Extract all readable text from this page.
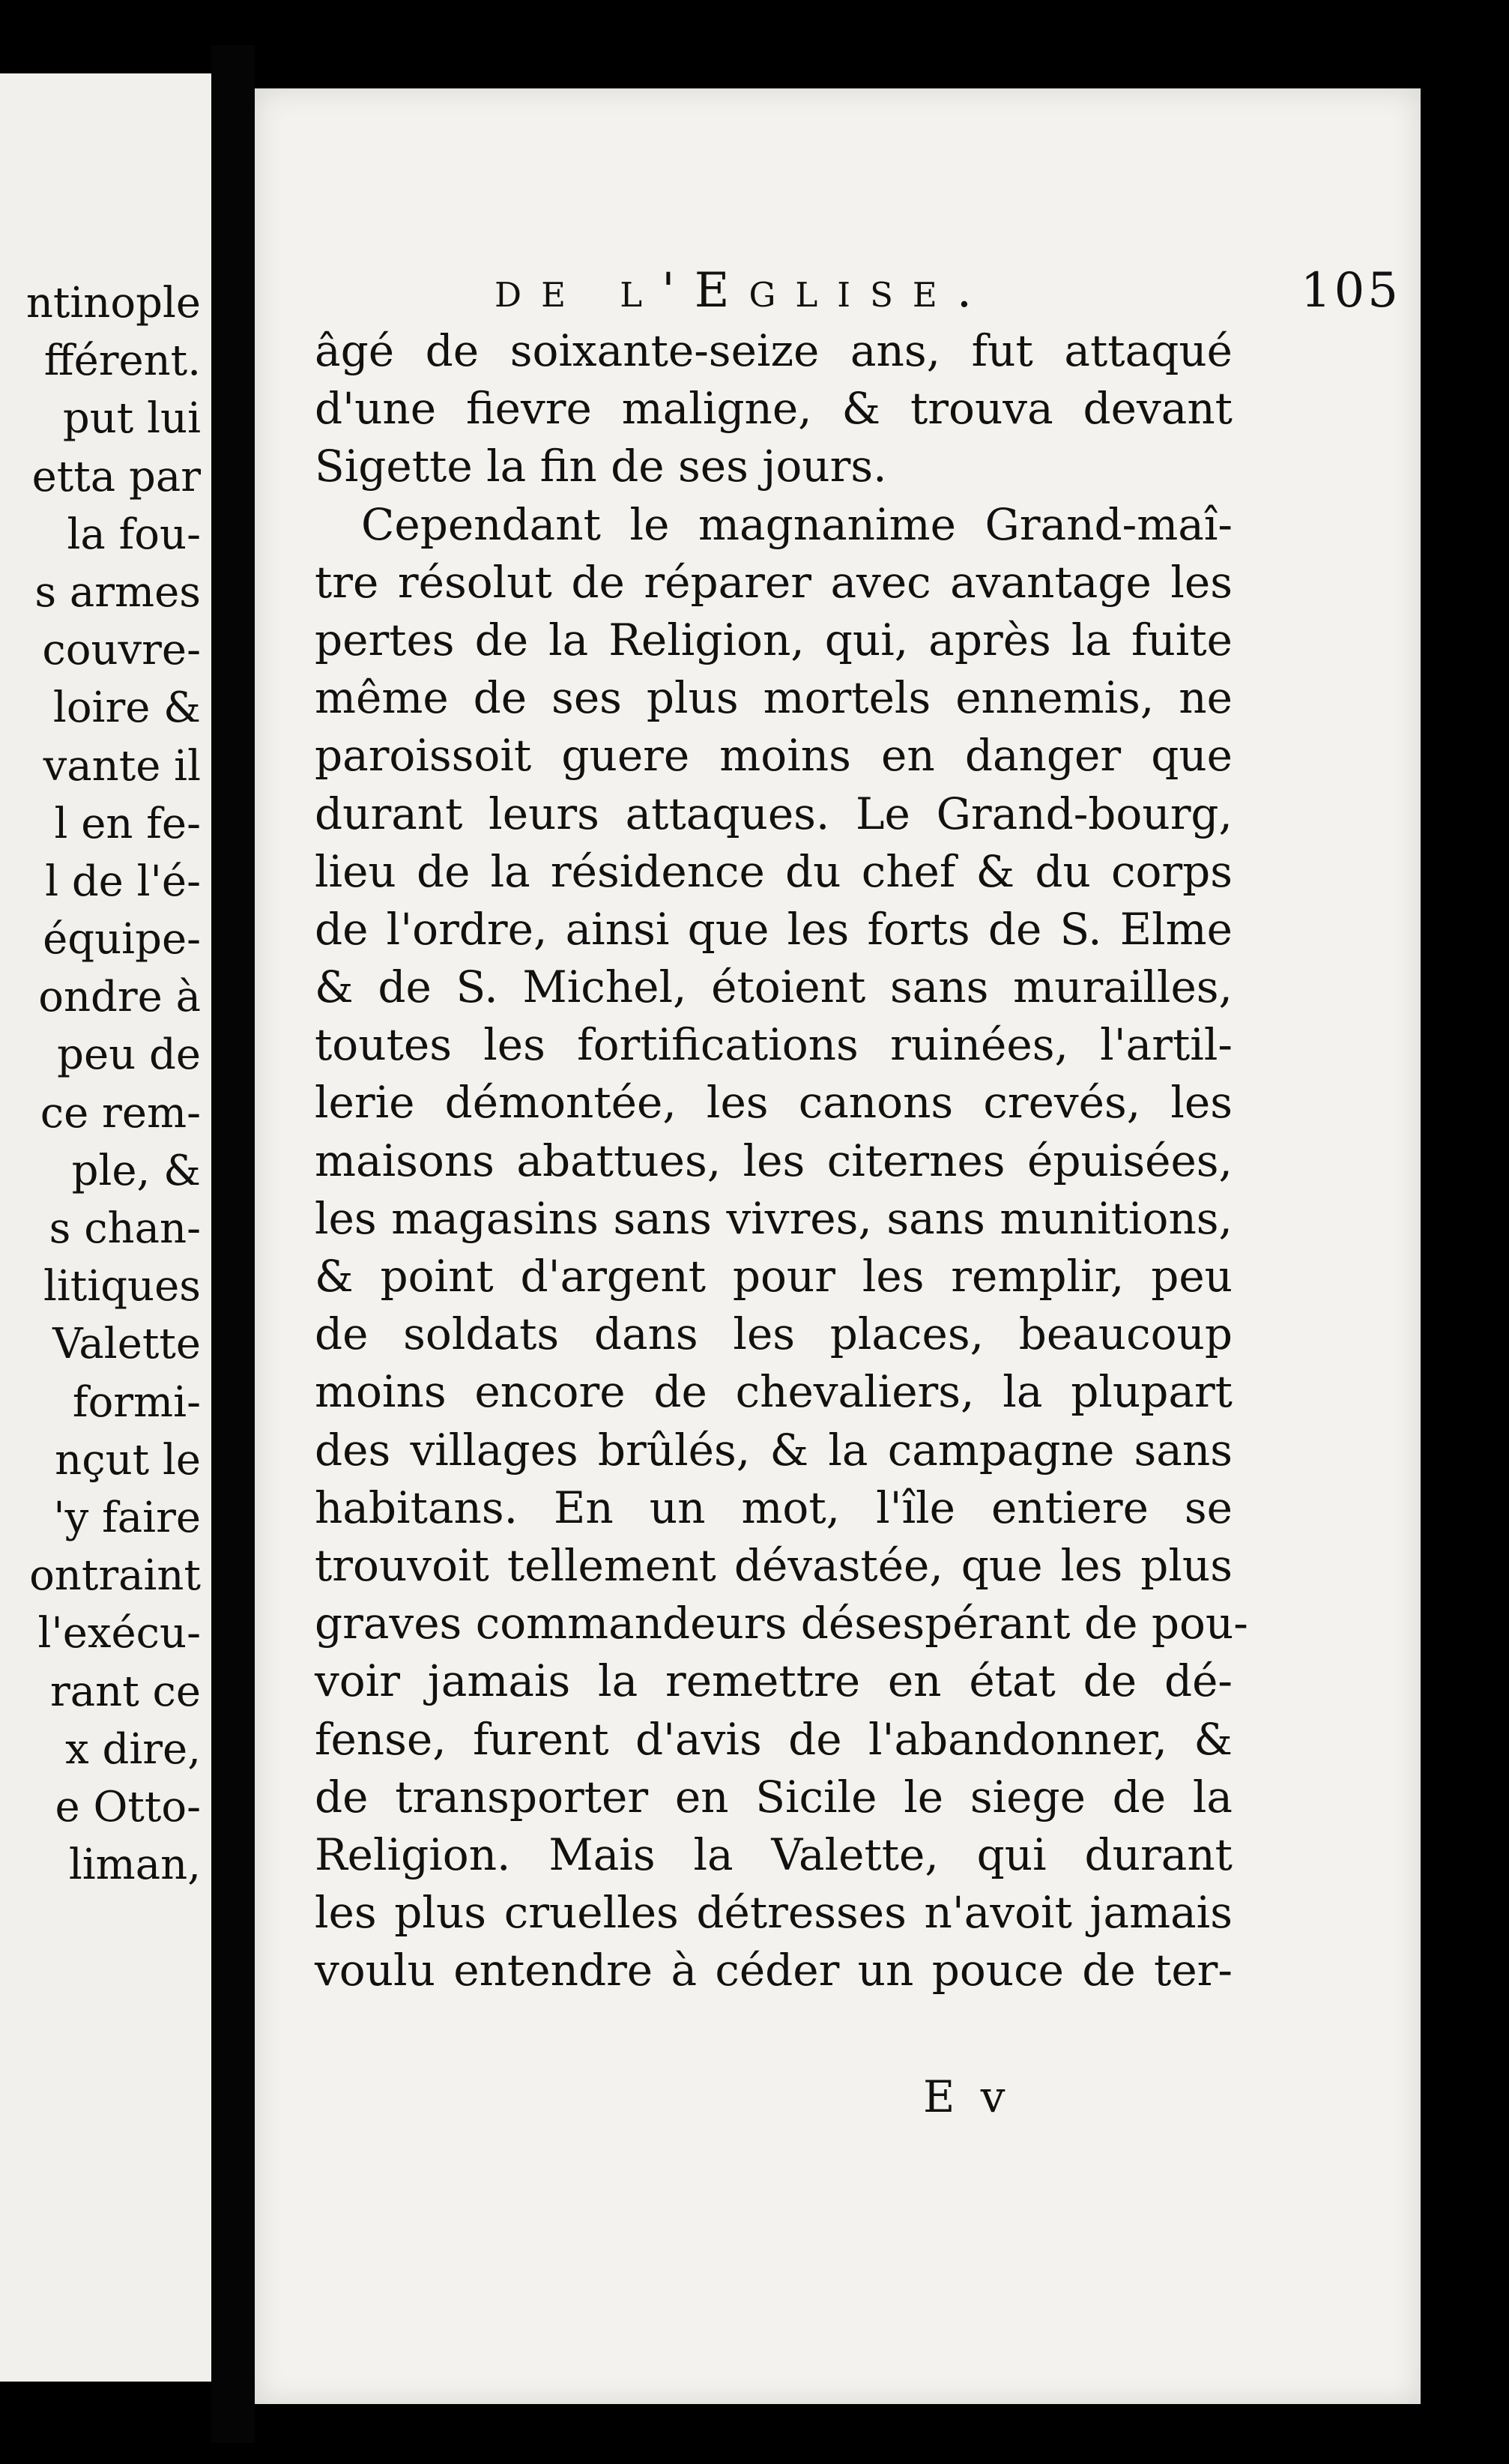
ntinople
fférent.
put lui
etta par
la fou-
s armes
couvre-
loire &
vante il
l en fe-
l de l'é-
équipe-
ondre à
peu de
ce rem-
ple, &
s chan-
litiques
Valette
formi-
nçut le
'y faire
ontraint
l'exécu-
rant ce
x dire,
e Otto-
liman,
de l'Eglise.	105
âgé de soixante-seize ans, fut attaqué
d'une fievre maligne, & trouva devant
Sigette la fin de ses jours.
Cependant le magnanime Grand-maî-
tre résolut de réparer avec avantage les
pertes de la Religion, qui, après la fuite
même de ses plus mortels ennemis, ne
paroissoit guere moins en danger que
durant leurs attaques. Le Grand-bourg,
lieu de la résidence du chef & du corps
de l'ordre, ainsi que les forts de S. Elme
& de S. Michel, étoient sans murailles,
toutes les fortifications ruinées, l'artil-
lerie démontée, les canons crevés, les
maisons abattues, les citernes épuisées,
les magasins sans vivres, sans munitions,
& point d'argent pour les remplir, peu
de soldats dans les places, beaucoup
moins encore de chevaliers, la plupart
des villages brûlés, & la campagne sans
habitans. En un mot, l'île entiere se
trouvoit tellement dévastée, que les plus
graves commandeurs désespérant de pou-
voir jamais la remettre en état de dé-
fense, furent d'avis de l'abandonner, &
de transporter en Sicile le siege de la
Religion. Mais la Valette, qui durant
les plus cruelles détresses n'avoit jamais
voulu entendre à céder un pouce de ter-
E v
